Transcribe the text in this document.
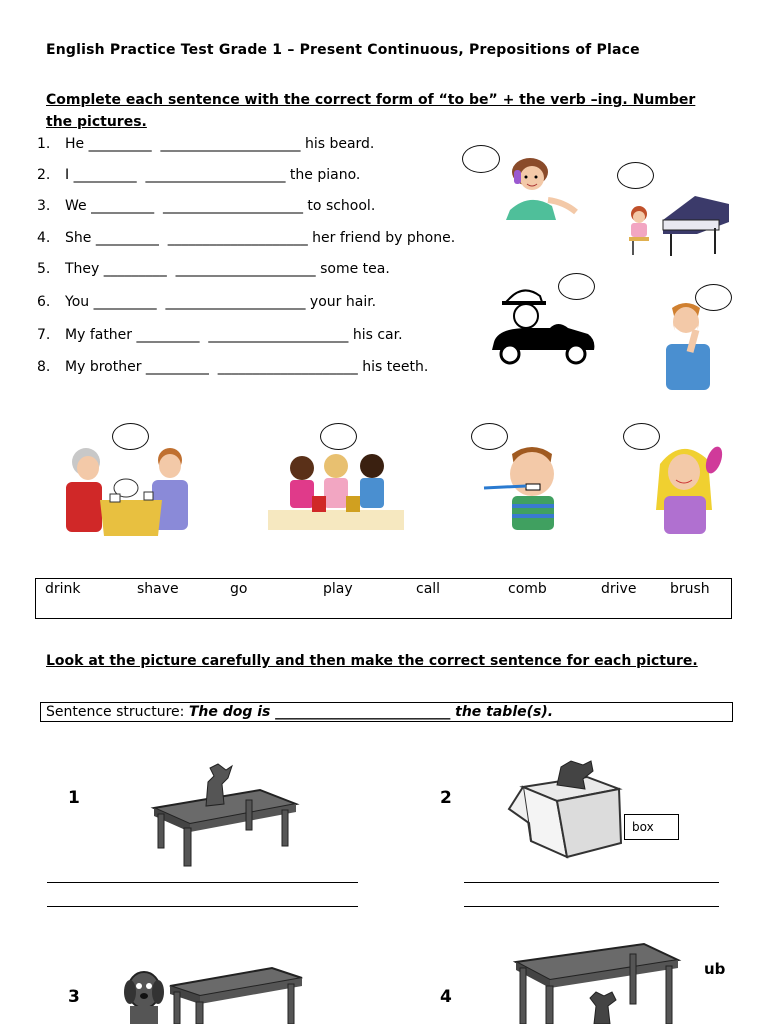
English Practice Test Grade 1 – Present Continuous, Prepositions of Place
Complete each sentence with the correct form of “to be” + the verb –ing. Number the pictures.
1. He _________  ____________________ his beard.
2. I _________  ____________________ the piano.
3. We _________  ____________________ to school.
4. She _________  ____________________ her friend by phone.
5. They _________  ____________________ some tea.
6. You _________  ____________________ your hair.
7. My father _________  ____________________ his car.
8. My brother _________  ____________________ his teeth.
drink	shave	go	play	call	comb	drive brush
Look at the picture carefully and then make the correct sentence for each picture.
Sentence structure: The dog is _________________________ the table(s).
1	2
box
3	4
ub
